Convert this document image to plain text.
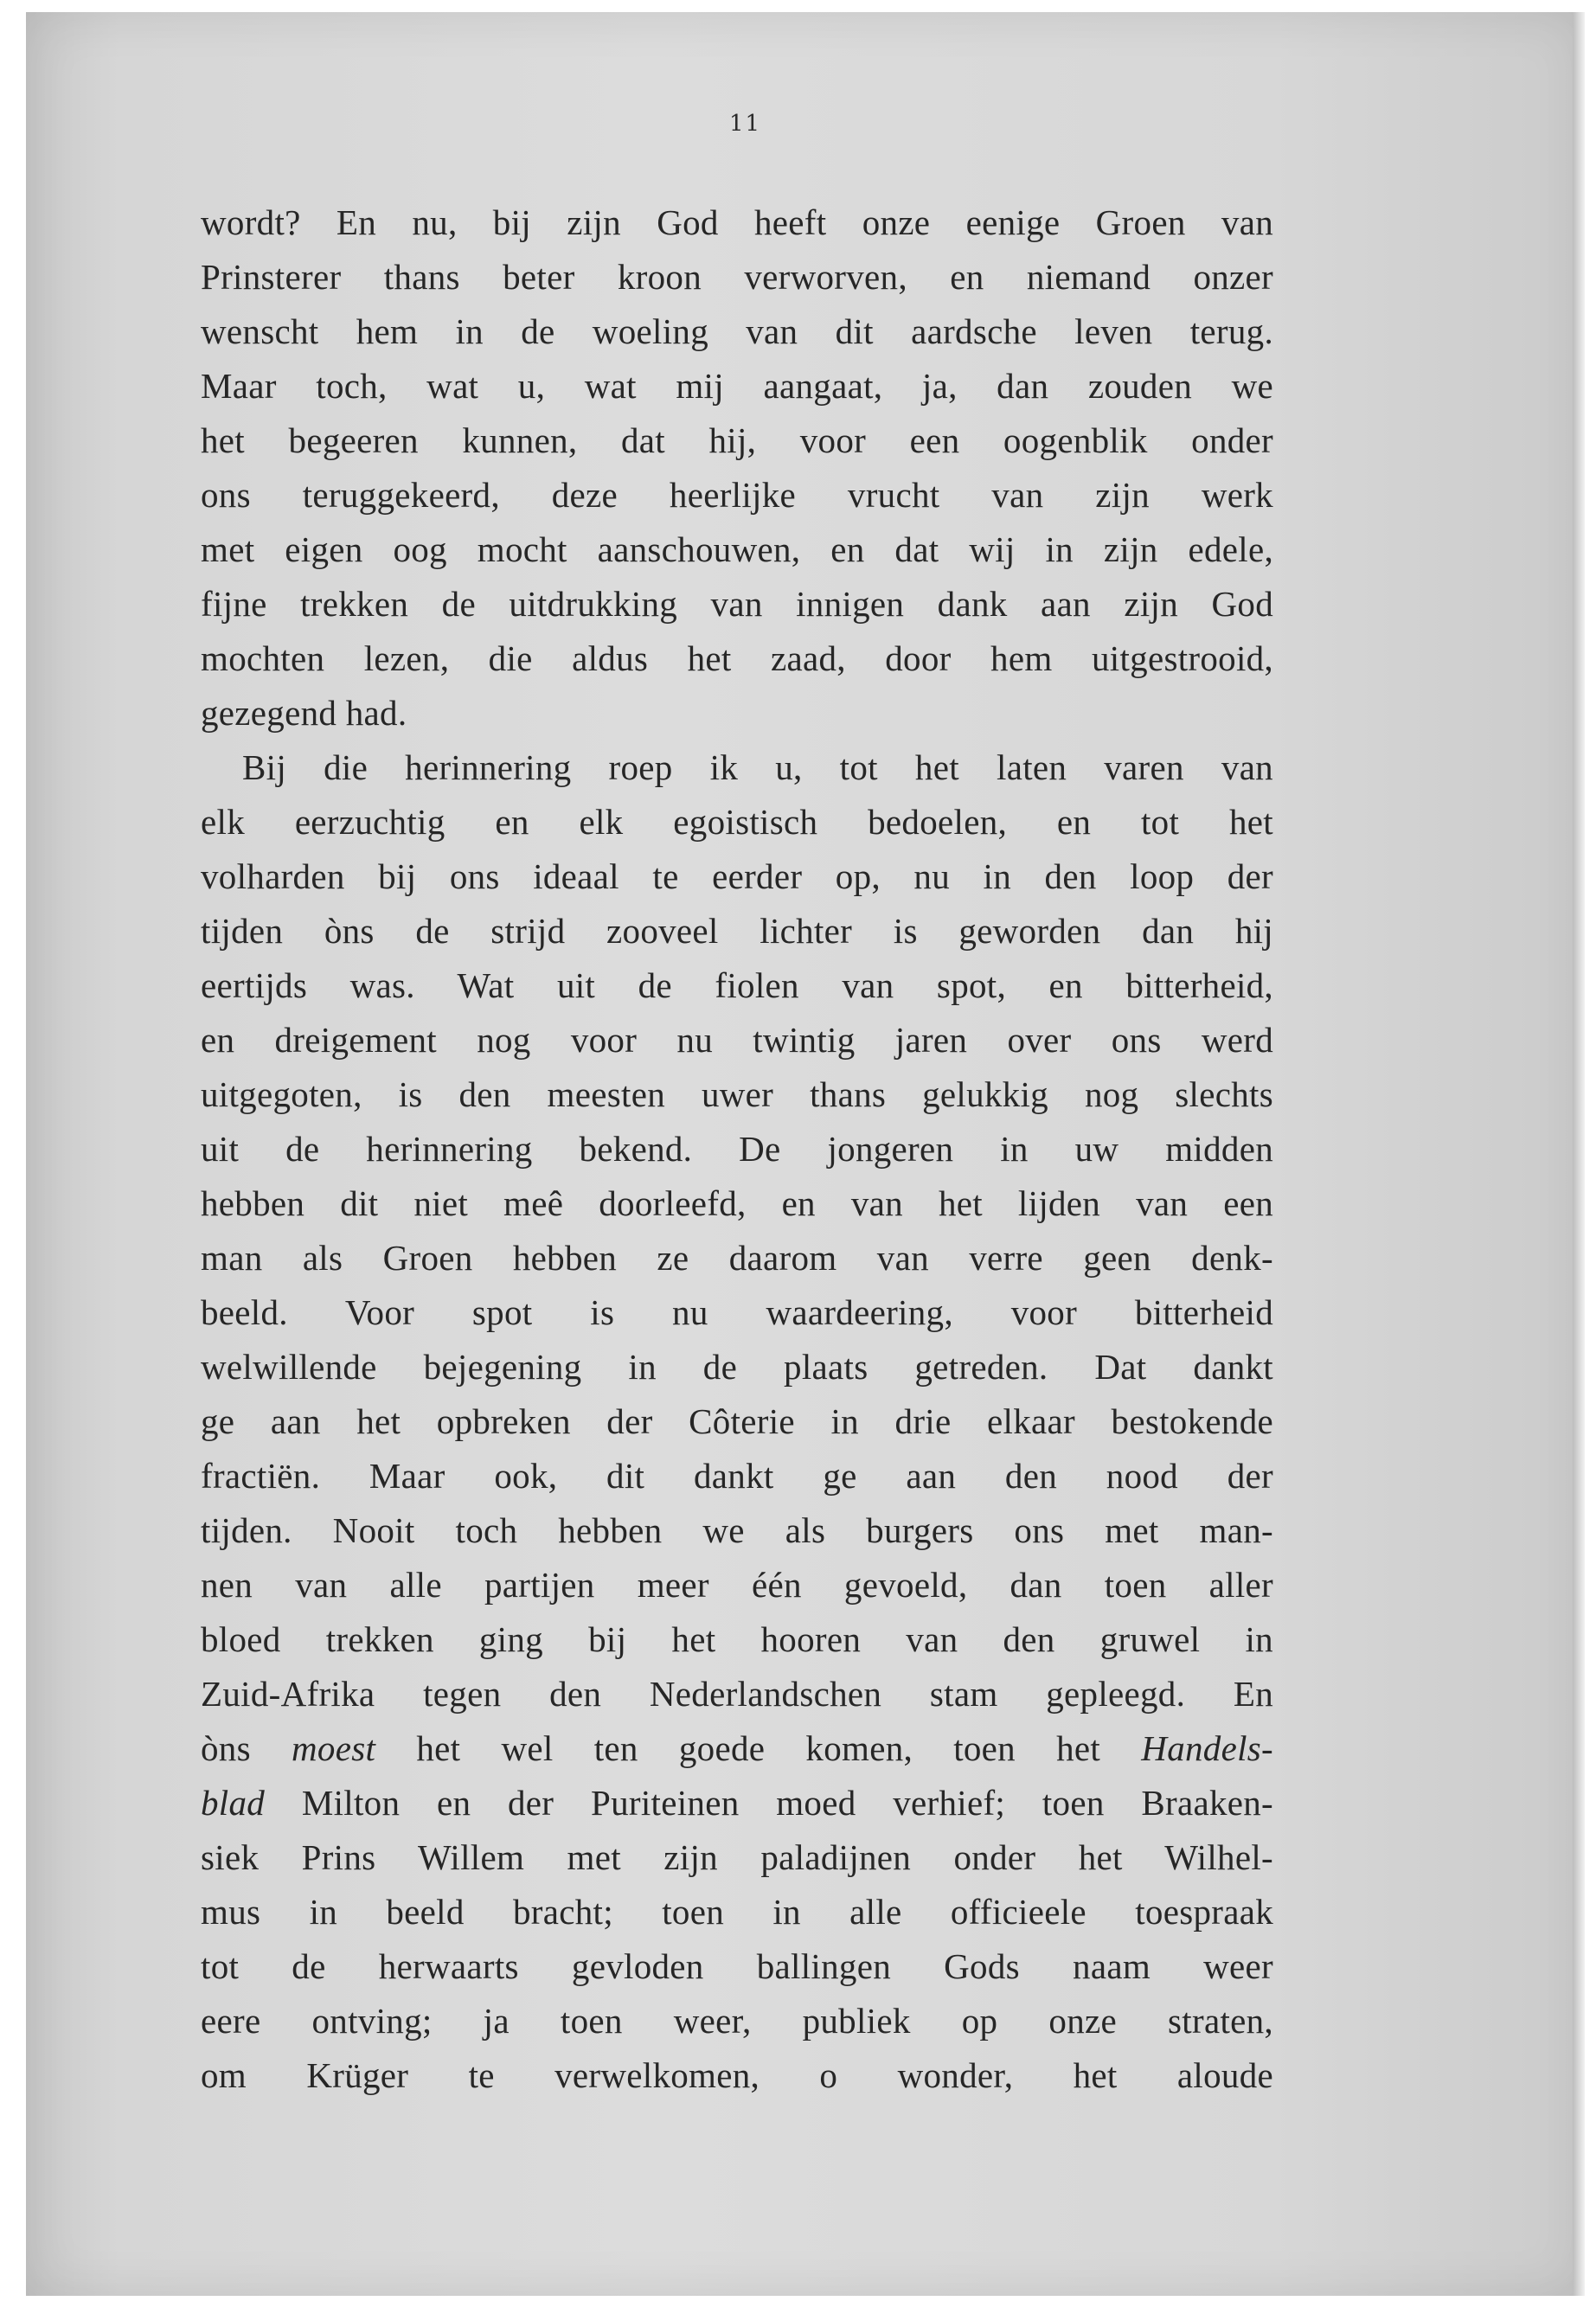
11
wordt? En nu, bij zijn God heeft onze eenige Groen van
Prinsterer thans beter kroon verworven, en niemand onzer
wenscht hem in de woeling van dit aardsche leven terug.
Maar toch, wat u, wat mij aangaat, ja, dan zouden we
het begeeren kunnen, dat hij, voor een oogenblik onder
ons teruggekeerd, deze heerlijke vrucht van zijn werk
met eigen oog mocht aanschouwen, en dat wij in zijn edele,
fijne trekken de uitdrukking van innigen dank aan zijn God
mochten lezen, die aldus het zaad, door hem uitgestrooid,
gezegend had.
Bij die herinnering roep ik u, tot het laten varen van
elk eerzuchtig en elk egoistisch bedoelen, en tot het
volharden bij ons ideaal te eerder op, nu in den loop der
tijden òns de strijd zooveel lichter is geworden dan hij
eertijds was. Wat uit de fiolen van spot, en bitterheid,
en dreigement nog voor nu twintig jaren over ons werd
uitgegoten, is den meesten uwer thans gelukkig nog slechts
uit de herinnering bekend. De jongeren in uw midden
hebben dit niet meê doorleefd, en van het lijden van een
man als Groen hebben ze daarom van verre geen denk-
beeld. Voor spot is nu waardeering, voor bitterheid
welwillende bejegening in de plaats getreden. Dat dankt
ge aan het opbreken der Côterie in drie elkaar bestokende
fractiën. Maar ook, dit dankt ge aan den nood der
tijden. Nooit toch hebben we als burgers ons met man-
nen van alle partijen meer één gevoeld, dan toen aller
bloed trekken ging bij het hooren van den gruwel in
Zuid-Afrika tegen den Nederlandschen stam gepleegd. En
òns moest het wel ten goede komen, toen het Handels-
blad Milton en der Puriteinen moed verhief; toen Braaken-
siek Prins Willem met zijn paladijnen onder het Wilhel-
mus in beeld bracht; toen in alle officieele toespraak
tot de herwaarts gevloden ballingen Gods naam weer
eere ontving; ja toen weer, publiek op onze straten,
om Krüger te verwelkomen, o wonder, het aloude
